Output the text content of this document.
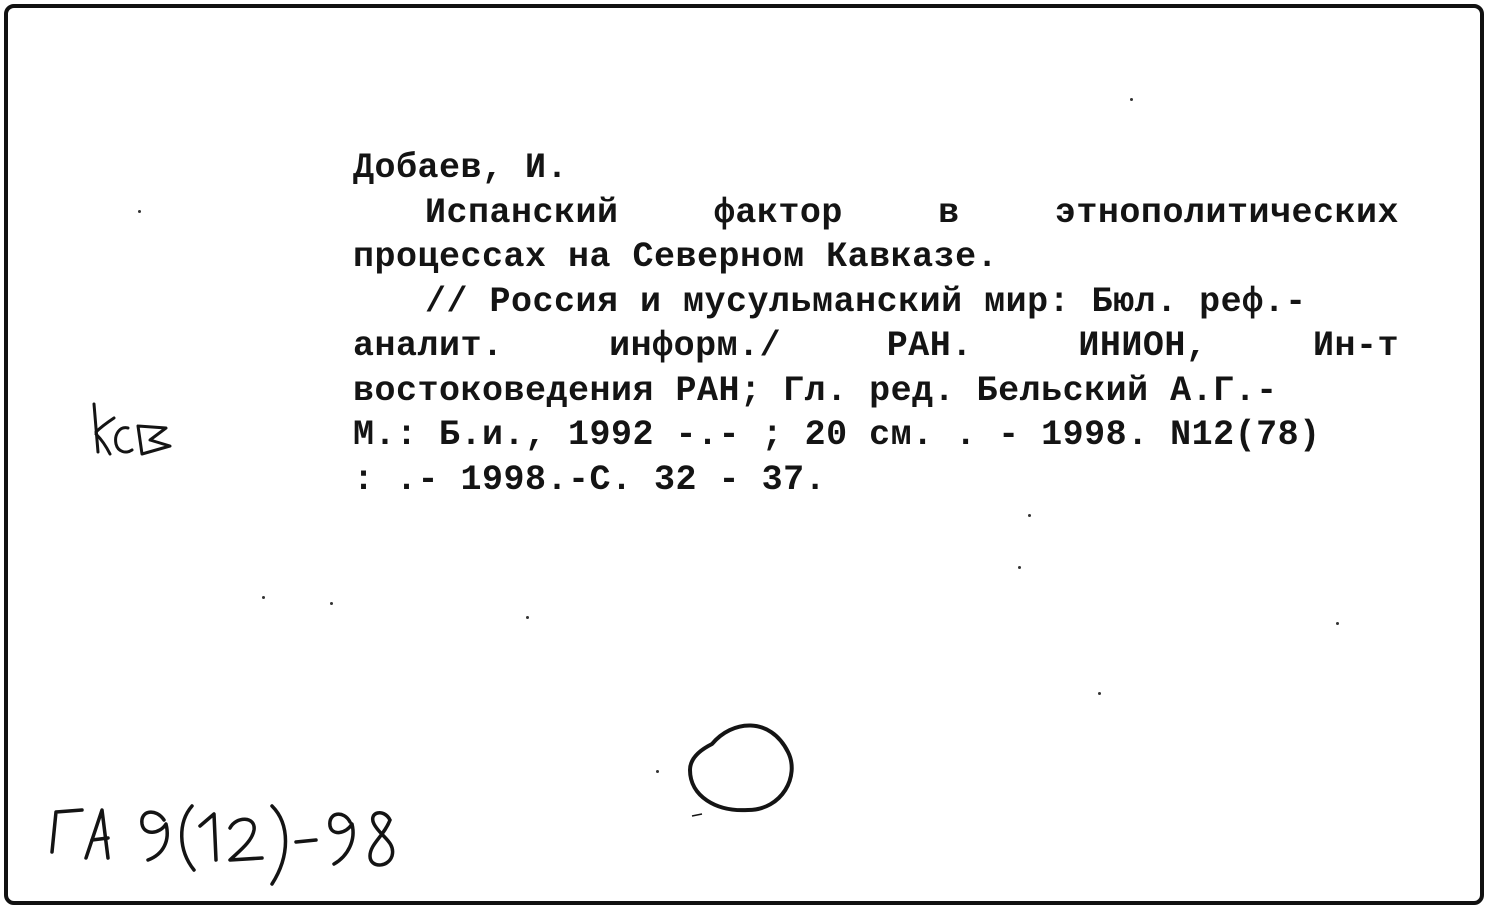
Добаев, И.
Испанский	фактор	в	этнополитических
процессах на Северном Кавказе.
// Россия и мусульманский мир: Бюл. реф.-
аналит.	информ./	РАН.	ИНИОН,	Ин-т
востоковедения РАН; Гл. ред. Бельский А.Г.-
М.: Б.и., 1992 -.- ; 20 см. . - 1998. N12(78)
: .- 1998.-С. 32 - 37.
